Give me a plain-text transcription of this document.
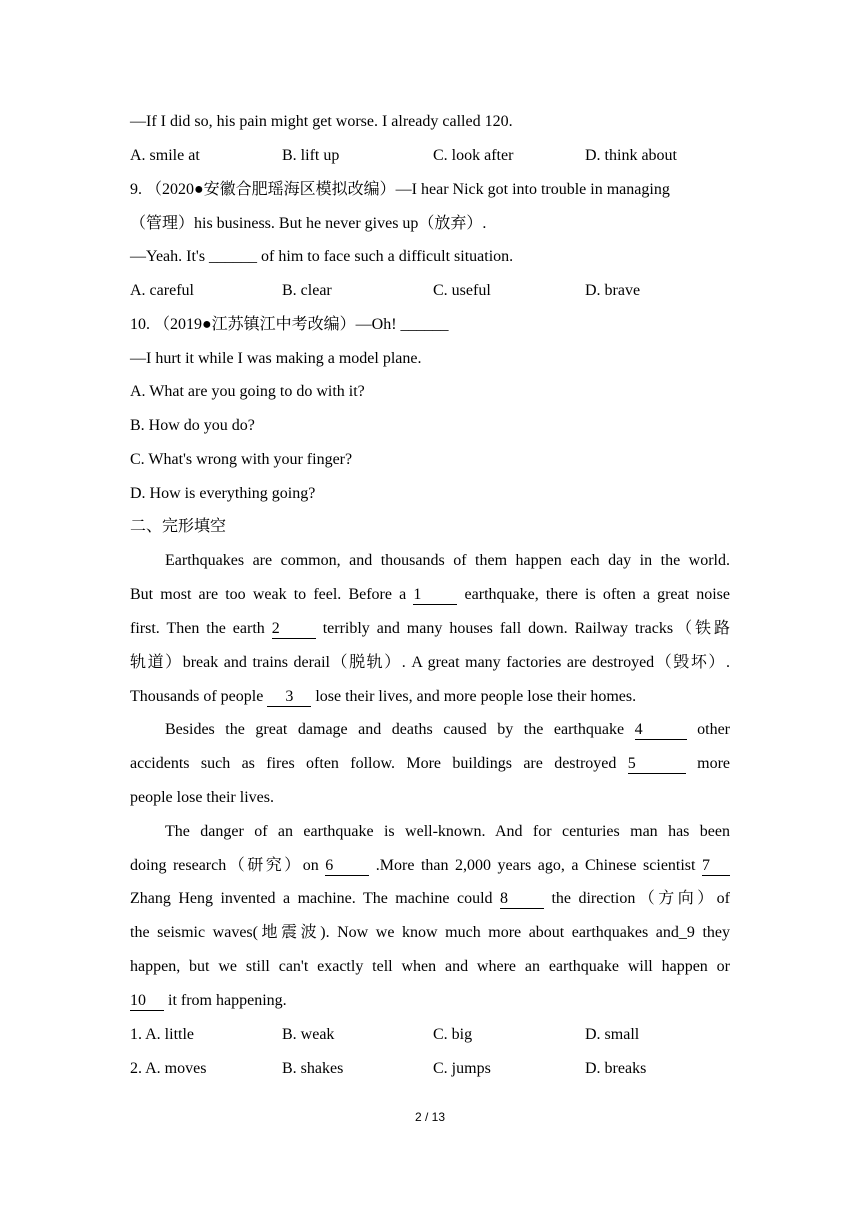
—If I did so, his pain might get worse. I already called 120.
A. smile at	B. lift up	C. look after	D. think about
9. （2020●安徽合肥瑶海区模拟改编）—I hear Nick got into trouble in managing
（管理）his business. But he never gives up（放弃）.
—Yeah. It's ______ of him to face such a difficult situation.
A. careful	B. clear	C. useful	D. brave
10. （2019●江苏镇江中考改编）—Oh! ______
—I hurt it while I was making a model plane.
A. What are you going to do with it?
B. How do you do?
C. What's wrong with your finger?
D. How is everything going?
二、完形填空
Earthquakes are common, and thousands of them happen each day in the world.
But most are too weak to feel. Before a 1 earthquake, there is often a great noise
first. Then the earth 2 terribly and many houses fall down. Railway tracks（铁路
轨道）break and trains derail（脱轨）. A great many factories are destroyed（毁坏）.
Thousands of people 3 lose their lives, and more people lose their homes.
Besides the great damage and deaths caused by the earthquake 4	other
accidents such as fires often follow. More buildings are destroyed 5	more
people lose their lives.
The danger of an earthquake is well-known. And for centuries man has been
doing research（研究）on 6 .More than 2,000 years ago, a Chinese scientist 7
Zhang Heng invented a machine. The machine could 8 the direction（方向）of
the seismic waves(地震波). Now we know much more about earthquakes and_9 they
happen, but we still can't exactly tell when and where an earthquake will happen or
10 it from happening.
1. A. little	B. weak	C. big	D. small
2. A. moves	B. shakes	C. jumps	D. breaks
2 / 13
